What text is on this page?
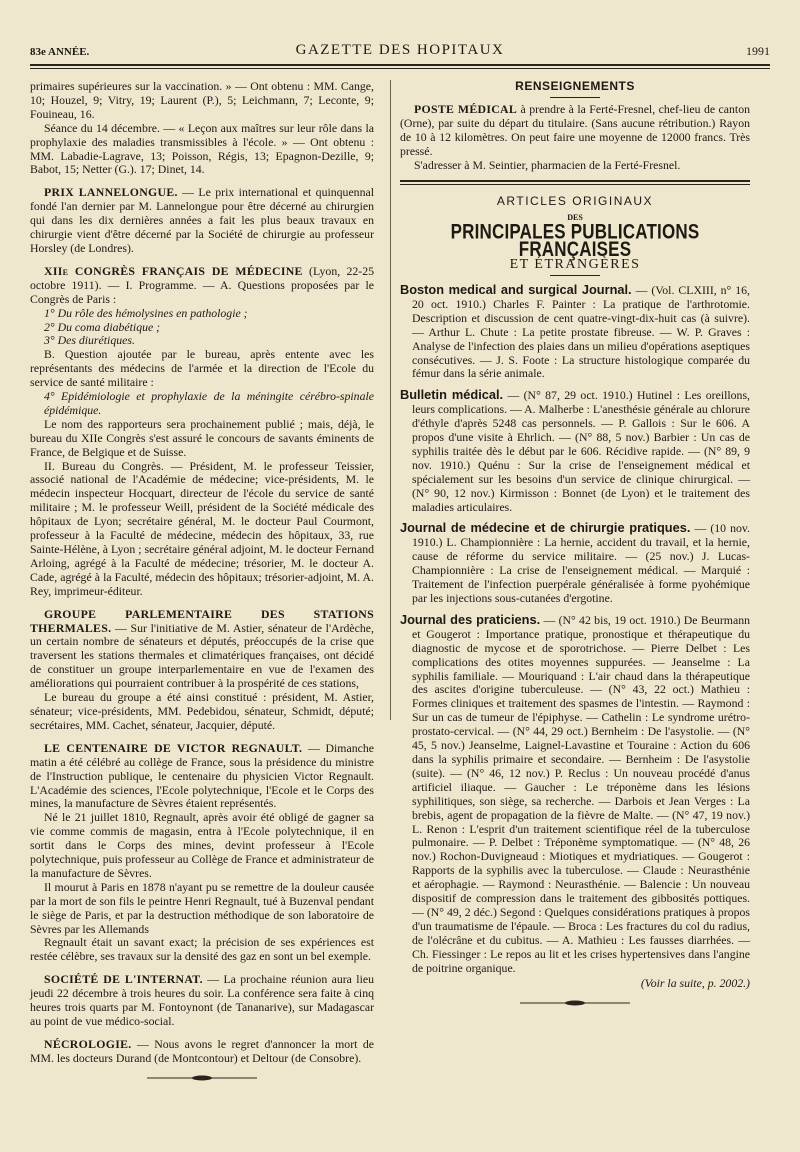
83e ANNÉE.	GAZETTE DES HOPITAUX	1991

primaires supérieures sur la vaccination. » — Ont obtenu : MM. Cange, 10; Houzel, 9; Vitry, 19; Laurent (P.), 5; Leichmann, 7; Leconte, 9; Fouineau, 16.

Séance du 14 décembre. — « Leçon aux maîtres sur leur rôle dans la prophylaxie des maladies transmissibles à l'école. » — Ont obtenu : MM. Labadie-Lagrave, 13; Poisson, Régis, 13; Epagnon-Dezille, 9; Babot, 15; Netter (G.). 17; Dinet, 14.

PRIX LANNELONGUE. — Le prix international et quinquennal fondé l'an dernier par M. Lannelongue pour être décerné au chirurgien qui dans les dix dernières années a fait les plus beaux travaux en chirurgie vient d'être décerné par la Société de chirurgie au professeur Horsley (de Londres).

XIIe CONGRÈS FRANÇAIS DE MÉDECINE (Lyon, 22-25 octobre 1911). — I. Programme. — A. Questions proposées par le Congrès de Paris :

1° Du rôle des hémolysines en pathologie ;

2° Du coma diabétique ;

3° Des diurétiques.

B. Question ajoutée par le bureau, après entente avec les représentants des médecins de l'armée et la direction de l'Ecole du service de santé militaire :

4° Epidémiologie et prophylaxie de la méningite cérébro-spinale épidémique.

Le nom des rapporteurs sera prochainement publié ; mais, déjà, le bureau du XIIe Congrès s'est assuré le concours de savants éminents de France, de Belgique et de Suisse.

II. Bureau du Congrès. — Président, M. le professeur Teissier, associé national de l'Académie de médecine; vice-présidents, M. le médecin inspecteur Hocquart, directeur de l'école du service de santé militaire ; M. le professeur Weill, président de la Société médicale des hôpitaux de Lyon; secrétaire général, M. le docteur Paul Courmont, professeur à la Faculté de médecine, médecin des hôpitaux, 33, rue Sainte-Hélène, à Lyon ; secrétaire général adjoint, M. le docteur Fernand Arloing, agrégé à la Faculté de médecine; trésorier, M. le docteur A. Cade, agrégé à la Faculté, médecin des hôpitaux; trésorier-adjoint, M. A. Rey, imprimeur-éditeur.

GROUPE PARLEMENTAIRE DES STATIONS THERMALES. — Sur l'initiative de M. Astier, sénateur de l'Ardèche, un certain nombre de sénateurs et députés, préoccupés de la crise que traversent les stations thermales et climatériques françaises, ont décidé de constituer un groupe interparlementaire en vue de l'examen des améliorations qui pourraient contribuer à la prospérité de ces stations,

Le bureau du groupe a été ainsi constitué : président, M. Astier, sénateur; vice-présidents, MM. Pedebidou, sénateur, Schmidt, député; secrétaires, MM. Cachet, sénateur, Jacquier, député.

LE CENTENAIRE DE VICTOR REGNAULT. — Dimanche matin a été célébré au collège de France, sous la présidence du ministre de l'Instruction publique, le centenaire du physicien Victor Regnault. L'Académie des sciences, l'Ecole polytechnique, l'Ecole et le Corps des mines, la manufacture de Sèvres étaient représentés.

Né le 21 juillet 1810, Regnault, après avoir été obligé de gagner sa vie comme commis de magasin, entra à l'Ecole polytechnique, il en sortit dans le Corps des mines, devint professeur à l'Ecole polytechnique, puis professeur au Collège de France et administrateur de la manufacture de Sèvres.

Il mourut à Paris en 1878 n'ayant pu se remettre de la douleur causée par la mort de son fils le peintre Henri Regnault, tué à Buzenval pendant le siège de Paris, et par la destruction méthodique de son laboratoire de Sèvres par les Allemands

Regnault était un savant exact; la précision de ses expériences est restée célèbre, ses travaux sur la densité des gaz en sont un bel exemple.

SOCIÉTÉ DE L'INTERNAT. — La prochaine réunion aura lieu jeudi 22 décembre à trois heures du soir. La conférence sera faite à cinq heures trois quarts par M. Fontoynont (de Tananarive), sur Madagascar au point de vue médico-social.

NÉCROLOGIE. — Nous avons le regret d'annoncer la mort de MM. les docteurs Durand (de Montcontour) et Deltour (de Consobre).

RENSEIGNEMENTS

POSTE MÉDICAL à prendre à la Ferté-Fresnel, chef-lieu de canton (Orne), par suite du départ du titulaire. (Sans aucune rétribution.) Rayon de 10 à 12 kilomètres. On peut faire une moyenne de 12000 francs. Très pressé.

S'adresser à M. Seintier, pharmacien de la Ferté-Fresnel.

ARTICLES ORIGINAUX
DES
PRINCIPALES PUBLICATIONS FRANÇAISES
ET ÉTRANGÈRES

Boston medical and surgical Journal. — (Vol. CLXIII, n° 16, 20 oct. 1910.) Charles F. Painter : La pratique de l'arthrotomie. Description et discussion de cent quatre-vingt-dix-huit cas (à suivre). — Arthur L. Chute : La petite prostate fibreuse. — W. P. Graves : Analyse de l'infection des plaies dans un milieu d'opérations aseptiques consécutives. — J. S. Foote : La structure histologique comparée du fémur dans la série animale.

Bulletin médical. — (N° 87, 29 oct. 1910.) Hutinel : Les oreillons, leurs complications. — A. Malherbe : L'anesthésie générale au chlorure d'éthyle d'après 5248 cas personnels. — P. Gallois : Sur le 606. A propos d'une visite à Ehrlich. — (N° 88, 5 nov.) Barbier : Un cas de syphilis traitée dès le début par le 606. Récidive rapide. — (N° 89, 9 nov. 1910.) Quénu : Sur la crise de l'enseignement médical et spécialement sur les besoins d'un service de clinique chirurgical. — (N° 90, 12 nov.) Kirmisson : Bonnet (de Lyon) et le traitement des maladies articulaires.

Journal de médecine et de chirurgie pratiques. — (10 nov. 1910.) L. Championnière : La hernie, accident du travail, et la hernie, cause de réforme du service militaire. — (25 nov.) J. Lucas-Championnière : La crise de l'enseignement médical. — Marquié : Traitement de l'infection puerpérale généralisée à forme pyohémique par les injections sous-cutanées d'ergotine.

Journal des praticiens. — (N° 42 bis, 19 oct. 1910.) De Beurmann et Gougerot : Importance pratique, pronostique et thérapeutique du diagnostic de mycose et de sporotrichose. — Pierre Delbet : Les complications des otites moyennes suppurées. — Jeanselme : La syphilis familiale. — Mouriquand : L'air chaud dans la thérapeutique des ascites d'origine tuberculeuse. — (N° 43, 22 oct.) Mathieu : Formes cliniques et traitement des spasmes de l'intestin. — Raymond : Sur un cas de tumeur de l'épiphyse. — Cathelin : Le syndrome urétro-prostato-cervical. — (N° 44, 29 oct.) Bernheim : De l'asystolie. — (N° 45, 5 nov.) Jeanselme, Laignel-Lavastine et Touraine : Action du 606 dans la syphilis primaire et secondaire. — Bernheim : De l'asystolie (suite). — (N° 46, 12 nov.) P. Reclus : Un nouveau procédé d'anus artificiel iliaque. — Gaucher : Le tréponème dans les lésions syphilitiques, son siège, sa recherche. — Darbois et Jean Verges : La brebis, agent de propagation de la fièvre de Malte. — (N° 47, 19 nov.) L. Renon : L'esprit d'un traitement scientifique réel de la tuberculose pulmonaire. — P. Delbet : Tréponème symptomatique. — (N° 48, 26 nov.) Rochon-Duvigneaud : Miotiques et mydriatiques. — Gougerot : Rapports de la syphilis avec la tuberculose. — Claude : Neurasthénie et aérophagie. — Raymond : Neurasthénie. — Balencie : Un nouveau dispositif de compression dans le traitement des gibbosités pottiques. — (N° 49, 2 déc.) Segond : Quelques considérations pratiques à propos d'un traumatisme de l'épaule. — Broca : Les fractures du col du radius, de l'olécrâne et du cubitus. — A. Mathieu : Les fausses diarrhées. — Ch. Fiessinger : Le repos au lit et les crises hypertensives dans l'angine de poitrine organique.

(Voir la suite, p. 2002.)
